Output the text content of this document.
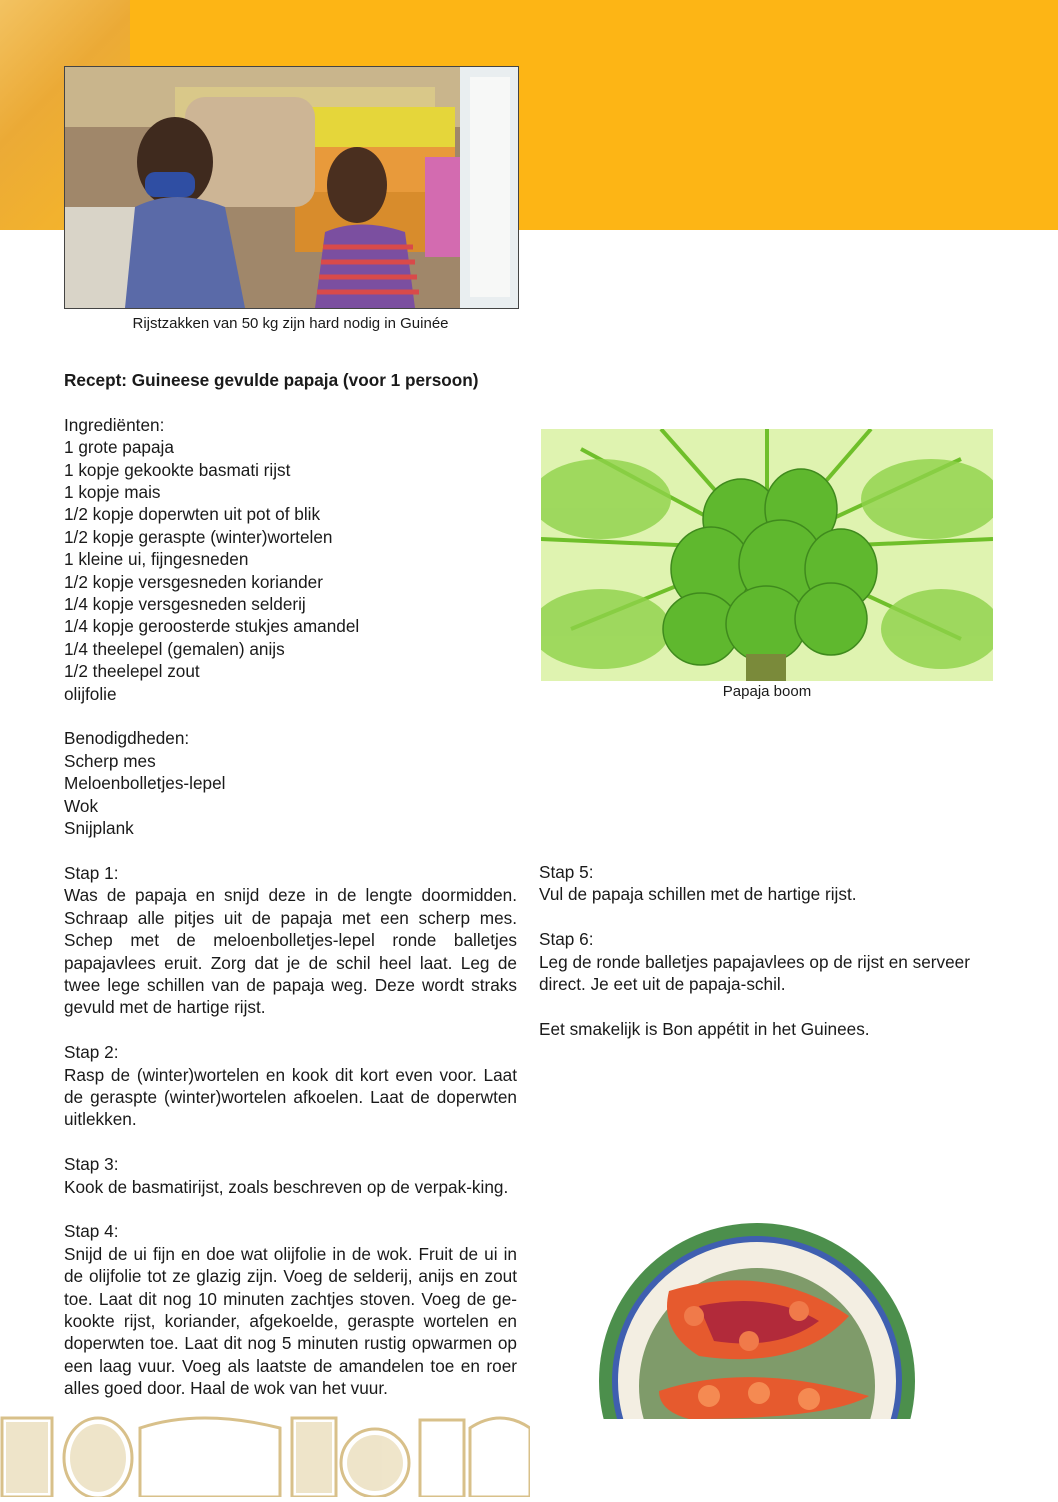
Rijstzakken van 50 kg zijn hard nodig in Guinée
Papaja boom

Recept: Guineese gevulde papaja (voor 1 persoon)

Ingrediënten:

1 grote papaja

1 kopje gekookte basmati rijst

1 kopje mais

1/2 kopje doperwten uit pot of blik

1/2 kopje geraspte (winter)wortelen

1 kleine ui, fijngesneden

1/2 kopje versgesneden koriander

1/4 kopje versgesneden selderij

1/4 kopje geroosterde stukjes amandel

1/4 theelepel (gemalen) anijs

1/2 theelepel zout

olijfolie

Benodigdheden:

Scherp mes

Meloenbolletjes-lepel

Wok

Snijplank

Stap 1:

Was de papaja en snijd deze in de lengte doormidden. Schraap alle pitjes uit de papaja met een scherp mes. Schep met de meloenbolletjes-lepel ronde balletjes papajavlees eruit. Zorg dat je de schil heel laat. Leg de twee lege schillen van de papaja weg. Deze wordt straks gevuld met de hartige rijst.

Stap 2:

Rasp de (winter)wortelen en kook dit kort even voor. Laat de geraspte (winter)wortelen afkoelen. Laat de doperwten uitlekken.

Stap 3:

Kook de basmatirijst, zoals beschreven op de verpak-king.

Stap 4:

Snijd de ui fijn en doe wat olijfolie in de wok. Fruit de ui in de olijfolie tot ze glazig zijn. Voeg de selderij, anijs en zout toe. Laat dit nog 10 minuten zachtjes stoven. Voeg de ge-kookte rijst, koriander, afgekoelde, geraspte wortelen en doperwten toe. Laat dit nog 5 minuten rustig opwarmen op een laag vuur. Voeg als laatste de amandelen toe en roer alles goed door. Haal de wok van het vuur.

Stap 5:

Vul de papaja schillen met de hartige rijst.

Stap 6:

Leg de ronde balletjes papajavlees op de rijst en serveer direct. Je eet uit de papaja-schil.

Eet smakelijk is Bon appétit in het Guinees.
